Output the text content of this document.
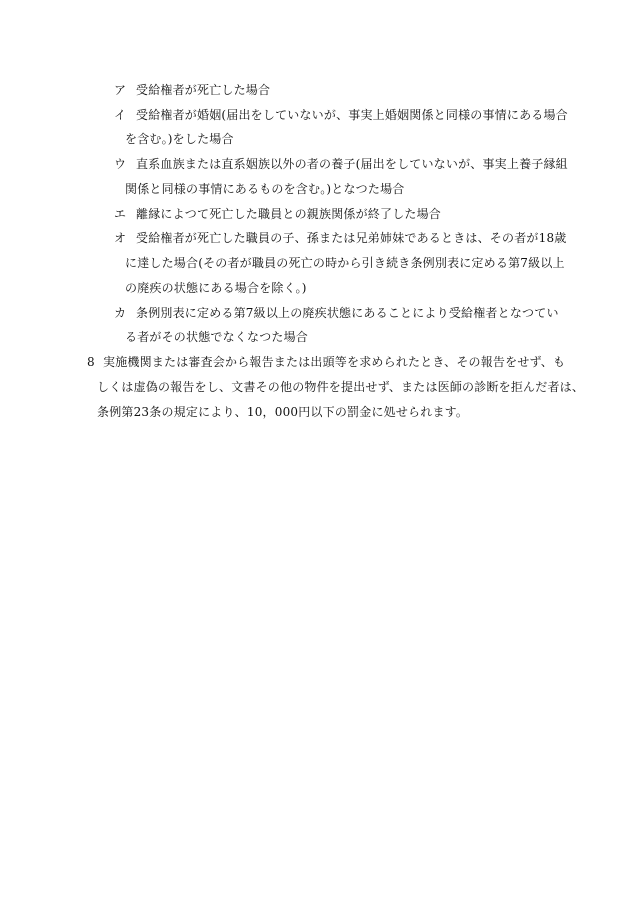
ア 受給権者が死亡した場合
イ 受給権者が婚姻(届出をしていないが、事実上婚姻関係と同様の事情にある場合
を含む。)をした場合
ウ 直系血族または直系姻族以外の者の養子(届出をしていないが、事実上養子縁組
関係と同様の事情にあるものを含む。)となつた場合
エ 離縁によつて死亡した職員との親族関係が終了した場合
オ 受給権者が死亡した職員の子、孫または兄弟姉妹であるときは、その者が18歳
に達した場合(その者が職員の死亡の時から引き続き条例別表に定める第7級以上
の廃疾の状態にある場合を除く。)
カ 条例別表に定める第7級以上の廃疾状態にあることにより受給権者となつてい
る者がその状態でなくなつた場合
8 実施機関または審査会から報告または出頭等を求められたとき、その報告をせず、も
しくは虚偽の報告をし、文書その他の物件を提出せず、または医師の診断を拒んだ者は、
条例第23条の規定により、10，000円以下の罰金に処せられます。
